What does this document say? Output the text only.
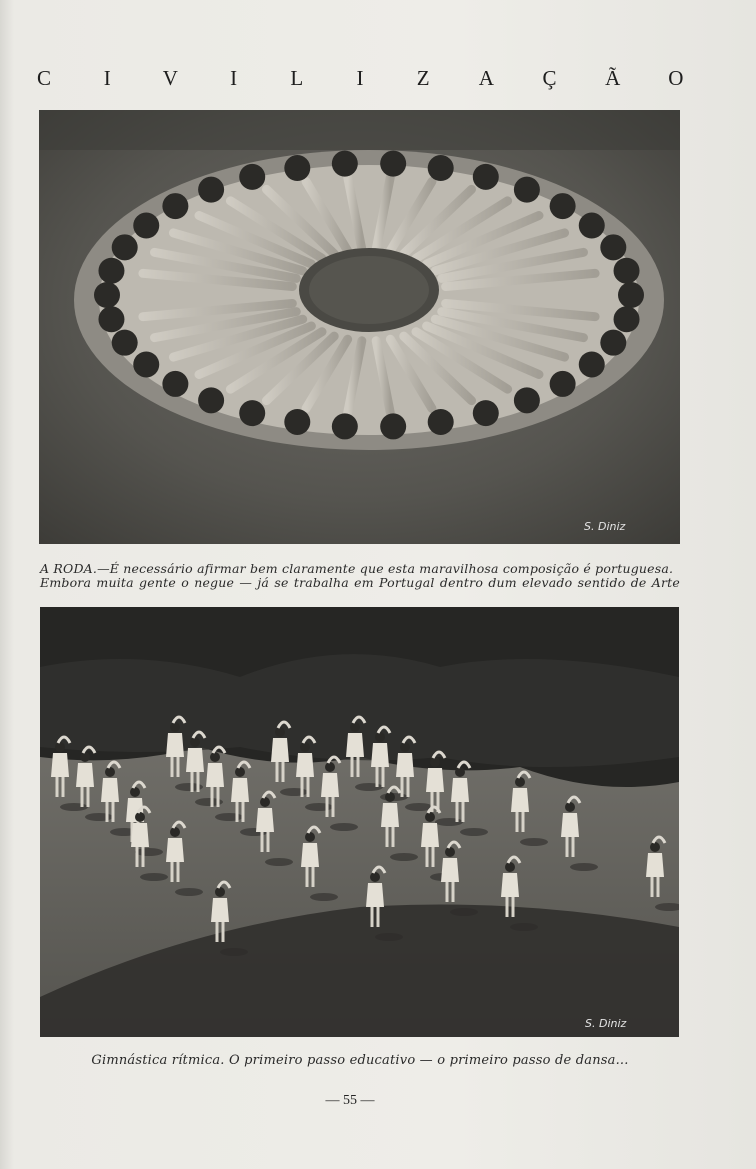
C	I	V	I	L	I	Z A Ç Ã O
S. Diniz
A RODA.—É necessário afirmar bem claramente que esta maravilhosa composição é portuguesa.
Embora muita gente o negue — já se trabalha em Portugal dentro dum elevado sentido de Arte
S. Diniz
Gimnástica rítmica. O primeiro passo educativo — o primeiro passo de dansa...
— 55 —
